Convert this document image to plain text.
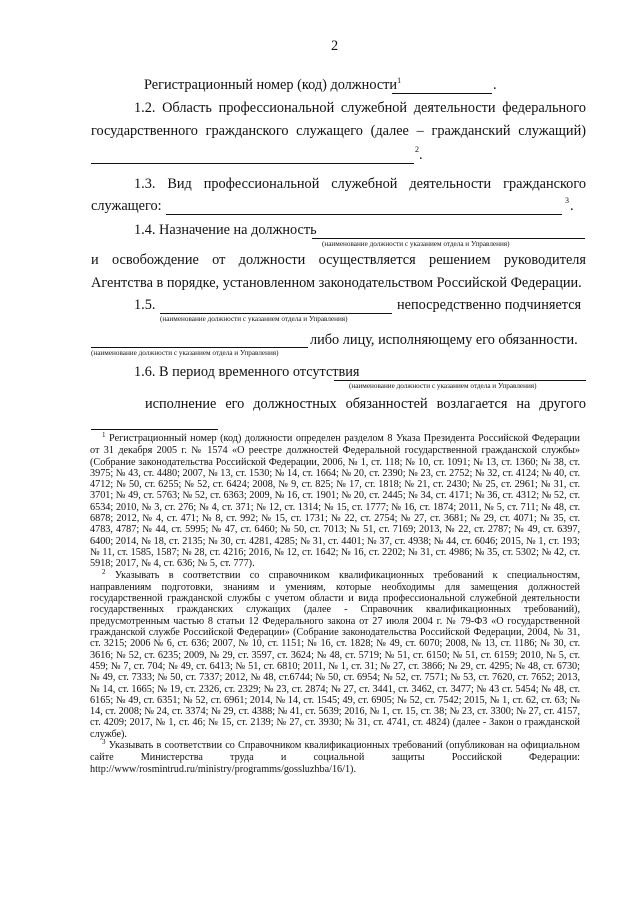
2
Регистрационный номер (код) должности$^1$	.
1.2. Область профессиональной служебной деятельности федерального
государственного гражданского служащего (далее – гражданский служащий)
2 .
1.3. Вид профессиональной служебной деятельности гражданского
служащего:	3 .
1.4. Назначение на должность
(наименование должности с указанием отдела и Управления)
и освобождение от должности осуществляется решением руководителя
Агентства в порядке, установленном законодательством Российской Федерации.
1.5.
(наименование должности с указанием отдела и Управления)
непосредственно подчиняется
либо лицу, исполняющему его обязанности.
(наименование должности с указанием отдела и Управления)
1.6. В период временного отсутствия
(наименование должности с указанием отдела и Управления)
исполнение его должностных обязанностей возлагается на другого

$^1$ Регистрационный номер (код) должности определен разделом 8 Указа Президента Российской Федерации от 31 декабря 2005 г. № 1574 «О реестре должностей Федеральной государственной гражданской службы» (Собрание законодательства Российской Федерации, 2006, № 1, ст. 118; № 10, ст. 1091; № 13, ст. 1360; № 38, ст. 3975; № 43, ст. 4480; 2007, № 13, ст. 1530; № 14, ст. 1664; № 20, ст. 2390; № 23, ст. 2752; № 32, ст. 4124; № 40, ст. 4712; № 50, ст. 6255; № 52, ст. 6424; 2008, № 9, ст. 825; № 17, ст. 1818; № 21, ст. 2430; № 25, ст. 2961; № 31, ст. 3701; № 49, ст. 5763; № 52, ст. 6363; 2009, № 16, ст. 1901; № 20, ст. 2445; № 34, ст. 4171; № 36, ст. 4312; № 52, ст. 6534; 2010, № 3, ст. 276; № 4, ст. 371; № 12, ст. 1314; № 15, ст. 1777; № 16, ст. 1874; 2011, № 5, ст. 711; № 48, ст. 6878; 2012, № 4, ст. 471; № 8, ст. 992; № 15, ст. 1731; № 22, ст. 2754; № 27, ст. 3681; № 29, ст. 4071; № 35, ст. 4783, 4787; № 44, ст. 5995; № 47, ст. 6460; № 50, ст. 7013; № 51, ст. 7169; 2013, № 22, ст. 2787; № 49, ст. 6397, 6400; 2014, № 18, ст. 2135; № 30, ст. 4281, 4285; № 31, ст. 4401; № 37, ст. 4938; № 44, ст. 6046; 2015, № 1, ст. 193; № 11, ст. 1585, 1587; № 28, ст. 4216; 2016, № 12, ст. 1642; № 16, ст. 2202; № 31, ст. 4986; № 35, ст. 5302; № 42, ст. 5918; 2017, № 4, ст. 636; № 5, ст. 777).

$^2$ Указывать в соответствии со справочником квалификационных требований к специальностям, направлениям подготовки, знаниям и умениям, которые необходимы для замещения должностей государственной гражданской службы с учетом области и вида профессиональной служебной деятельности государственных гражданских служащих (далее - Справочник квалификационных требований), предусмотренным частью 8 статьи 12 Федерального закона от 27 июля 2004 г. № 79-ФЗ «О государственной гражданской службе Российской Федерации» (Собрание законодательства Российской Федерации, 2004, № 31, ст. 3215; 2006 № 6, ст. 636; 2007, № 10, ст. 1151; № 16, ст. 1828; № 49, ст. 6070; 2008, № 13, ст. 1186; № 30, ст. 3616; № 52, ст. 6235; 2009, № 29, ст. 3597, ст. 3624; № 48, ст. 5719; № 51, ст. 6150; № 51, ст. 6159; 2010, № 5, ст. 459; № 7, ст. 704; № 49, ст. 6413; № 51, ст. 6810; 2011, № 1, ст. 31; № 27, ст. 3866; № 29, ст. 4295; № 48, ст. 6730; № 49, ст. 7333; № 50, ст. 7337; 2012, № 48, ст.6744; № 50, ст. 6954; № 52, ст. 7571; № 53, ст. 7620, ст. 7652; 2013, № 14, ст. 1665; № 19, ст. 2326, ст. 2329; № 23, ст. 2874; № 27, ст. 3441, ст. 3462, ст. 3477; № 43 ст. 5454; № 48, ст. 6165; № 49, ст. 6351; № 52, ст. 6961; 2014, № 14, ст. 1545; 49, ст. 6905; № 52, ст. 7542; 2015, № 1, ст. 62, ст. 63; № 14, ст. 2008; № 24, ст. 3374; № 29, ст. 4388; № 41, ст. 5639; 2016, № 1, ст. 15, ст. 38; № 23, ст. 3300; № 27, ст. 4157, ст. 4209; 2017, № 1, ст. 46; № 15, ст. 2139; № 27, ст. 3930; № 31, ст. 4741, ст. 4824) (далее - Закон о гражданской службе).

$^3$ Указывать в соответствии со Справочником квалификационных требований (опубликован на официальном сайте Министерства труда и социальной защиты Российской Федерации: http://www/rosmintrud.ru/ministry/programms/gossluzhba/16/1).
